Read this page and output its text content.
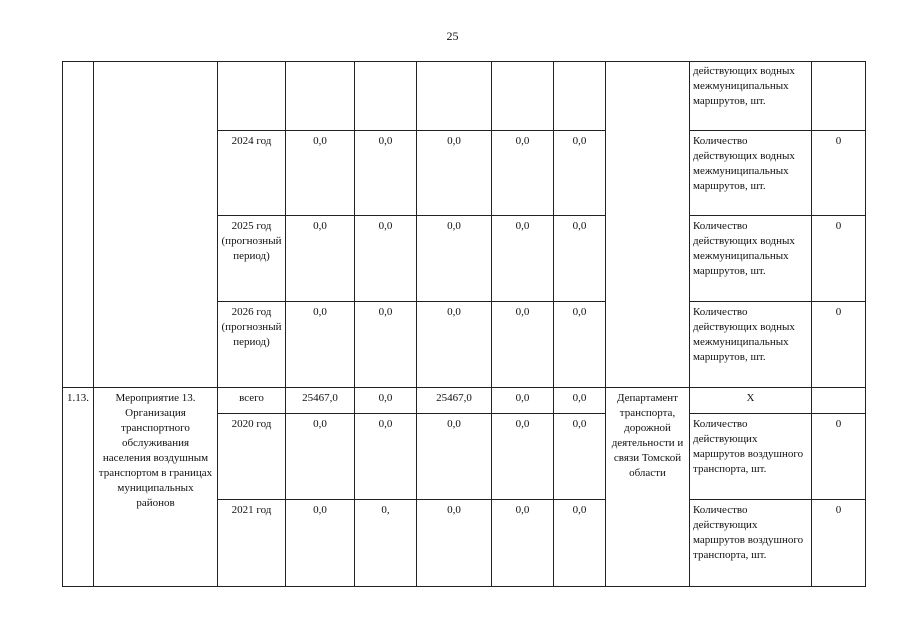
25
									действующих водных межмуниципальных маршрутов, шт.	
		2024 год	0,0	0,0	0,0	0,0	0,0		Количество действующих водных межмуниципальных маршрутов, шт.	0
		2025 год (прогнозный период)	0,0	0,0	0,0	0,0	0,0		Количество действующих водных межмуниципальных маршрутов, шт.	0
		2026 год (прогнозный период)	0,0	0,0	0,0	0,0	0,0		Количество действующих водных межмуниципальных маршрутов, шт.	0
1.13.	Мероприятие 13. Организация транспортного обслуживания населения воздушным транспортом в границах муниципальных районов	всего	25467,0	0,0	25467,0	0,0	0,0	Департамент транспорта, дорожной деятельности и связи Томской области	Х	
		2020 год	0,0	0,0	0,0	0,0	0,0		Количество действующих маршрутов воздушного транспорта, шт.	0
		2021 год	0,0	0,	0,0	0,0	0,0		Количество действующих маршрутов воздушного транспорта, шт.	0
